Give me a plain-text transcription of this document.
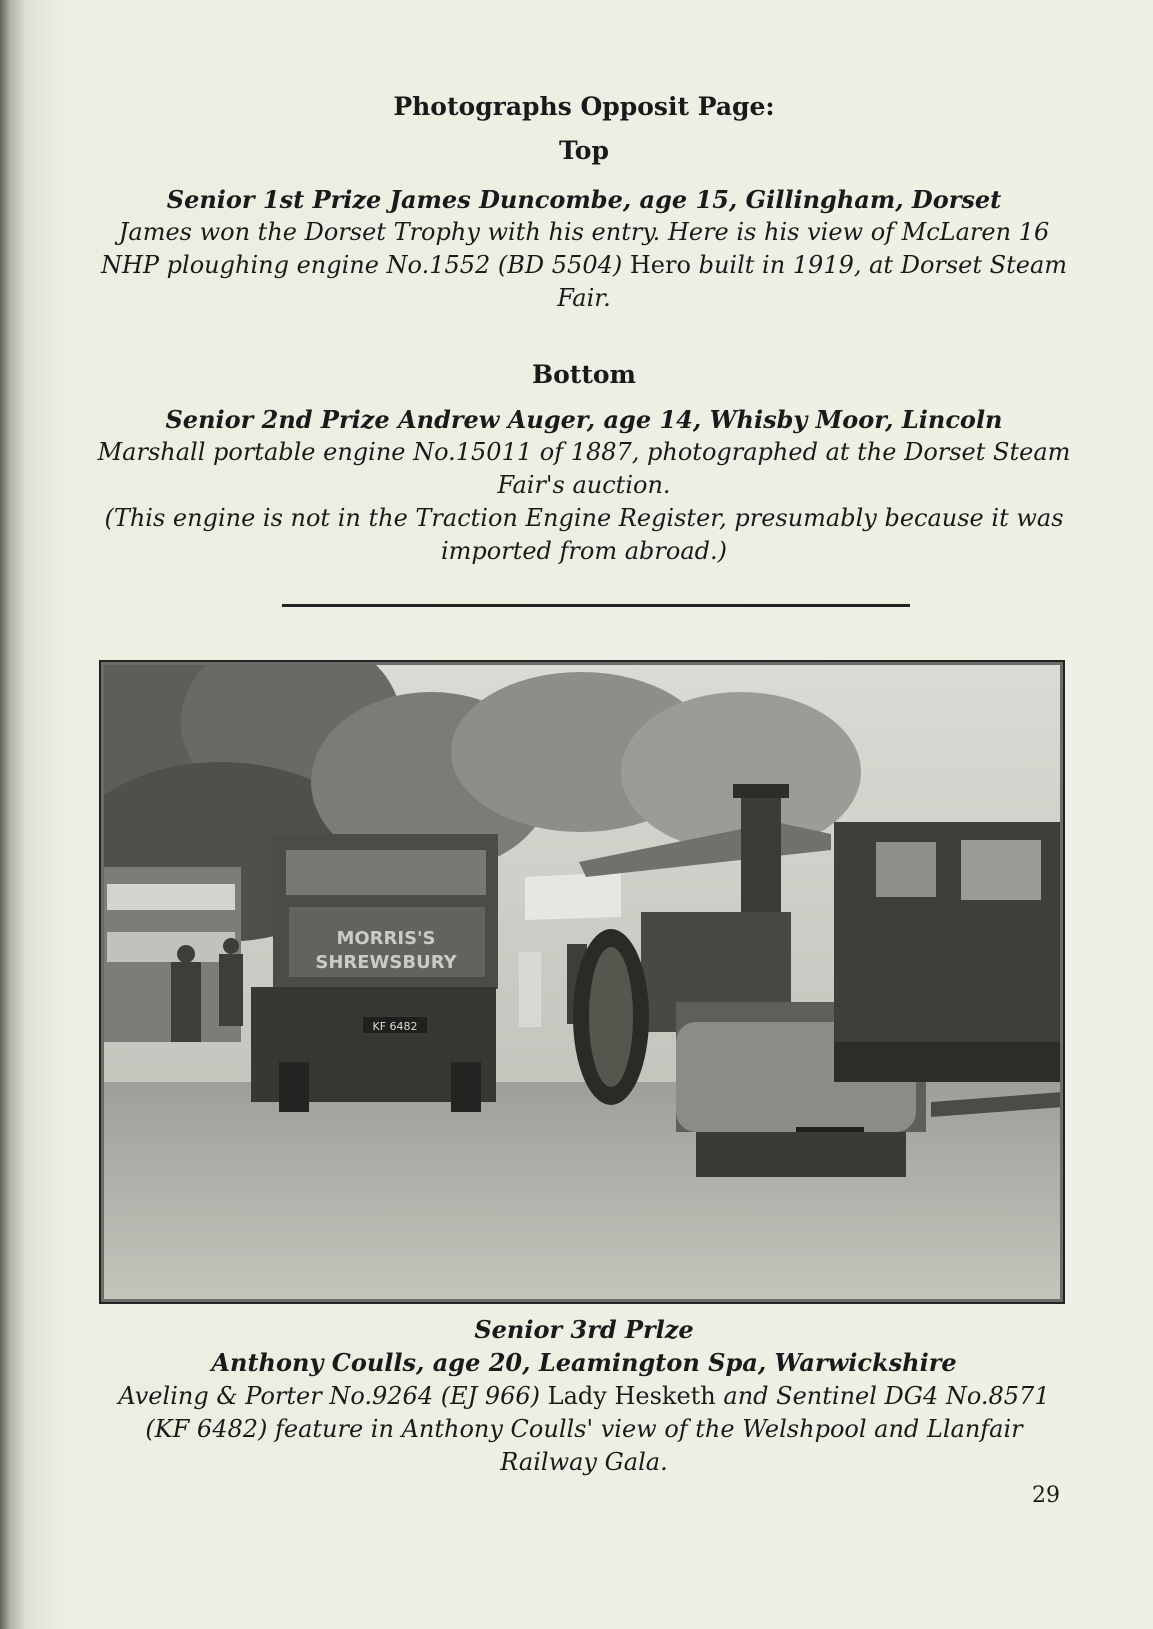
Photographs Opposit Page:
Top
Senior 1st Prize James Duncombe, age 15, Gillingham, Dorset
James won the Dorset Trophy with his entry. Here is his view of McLaren 16 NHP ploughing engine No.1552 (BD 5504) Hero built in 1919, at Dorset Steam Fair.
Bottom
Senior 2nd Prize Andrew Auger, age 14, Whisby Moor, Lincoln
Marshall portable engine No.15011 of 1887, photographed at the Dorset Steam Fair's auction.
(This engine is not in the Traction Engine Register, presumably because it was imported from abroad.)
MORRIS'S
SHREWSBURY
KF 6482
Senior 3rd Prlze
Anthony Coulls, age 20, Leamington Spa, Warwickshire
Aveling & Porter No.9264 (EJ 966) Lady Hesketh and Sentinel DG4 No.8571 (KF 6482) feature in Anthony Coulls' view of the Welshpool and Llanfair Railway Gala.
29
